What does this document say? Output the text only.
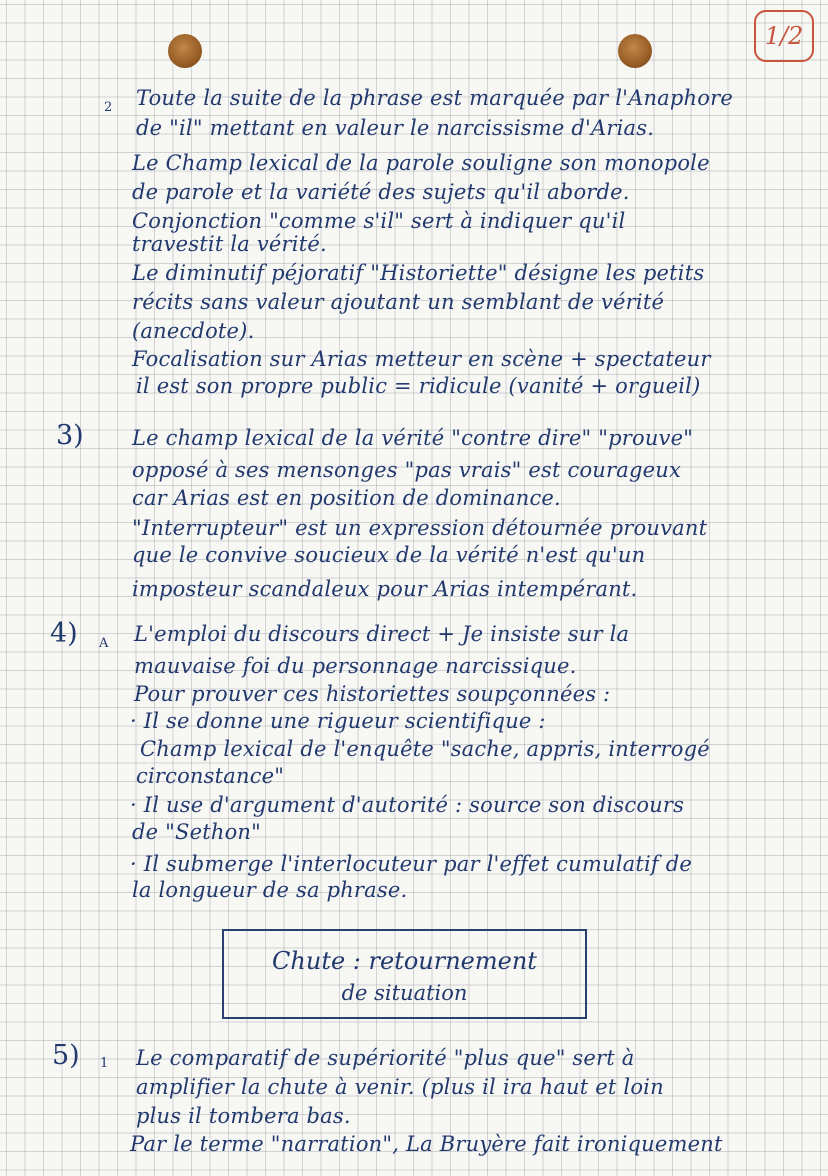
1/2
2
3)
4) A
5) 1
Toute la suite de la phrase est marquée par l'Anaphore
de "il" mettant en valeur le narcissisme d'Arias.
Le Champ lexical de la parole souligne son monopole
de parole et la variété des sujets qu'il aborde.
Conjonction "comme s'il" sert à indiquer qu'il
travestit la vérité.
Le diminutif péjoratif "Historiette" désigne les petits
récits sans valeur ajoutant un semblant de vérité
(anecdote).
Focalisation sur Arias metteur en scène + spectateur
il est son propre public = ridicule (vanité + orgueil)
Le champ lexical de la vérité "contre dire" "prouve"
opposé à ses mensonges "pas vrais" est courageux
car Arias est en position de dominance.
"Interrupteur" est un expression détournée prouvant
que le convive soucieux de la vérité n'est qu'un
imposteur scandaleux pour Arias intempérant.
L'emploi du discours direct + Je insiste sur la
mauvaise foi du personnage narcissique.
Pour prouver ces historiettes soupçonnées :
· Il se donne une rigueur scientifique :
Champ lexical de l'enquête "sache, appris, interrogé
circonstance"
· Il use d'argument d'autorité : source son discours
de "Sethon"
· Il submerge l'interlocuteur par l'effet cumulatif de
la longueur de sa phrase.
Chute : retournement
de situation
Le comparatif de supériorité "plus que" sert à
amplifier la chute à venir. (plus il ira haut et loin
plus il tombera bas.
Par le terme "narration", La Bruyère fait ironiquement
